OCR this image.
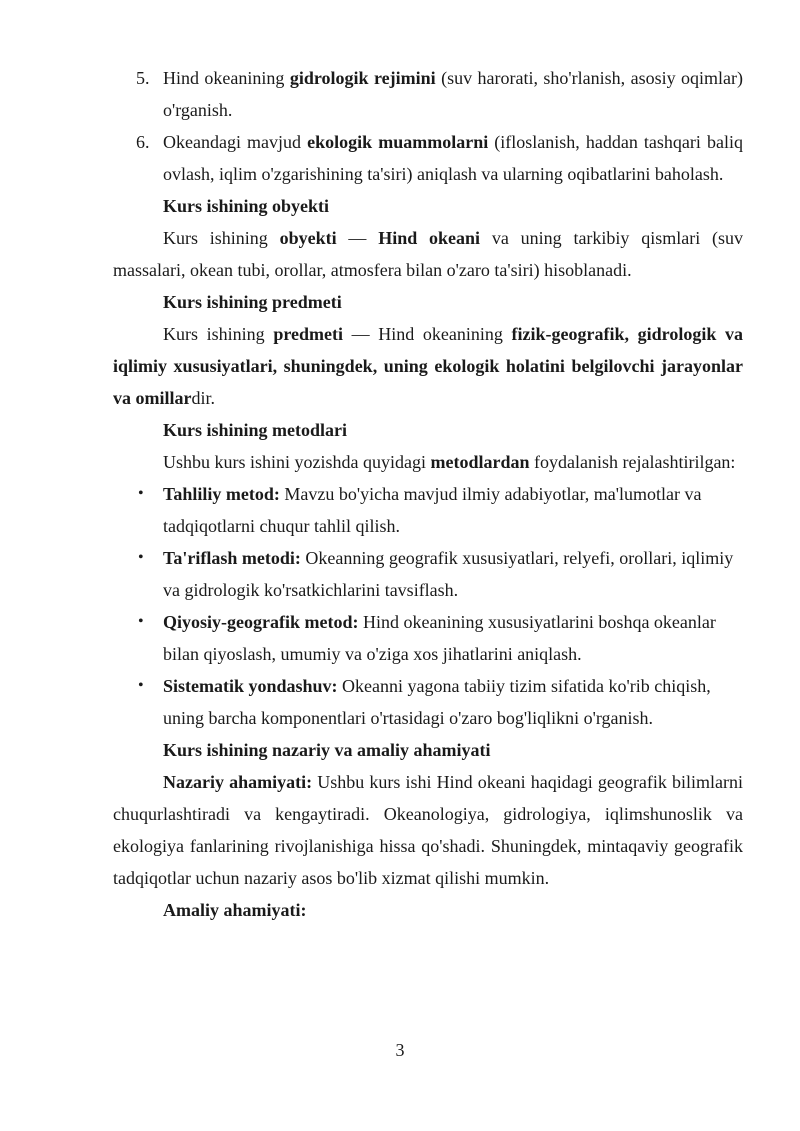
5. Hind okeanining gidrologik rejimini (suv harorati, sho'rlanish, asosiy oqimlar) o'rganish.

6. Okeandagi mavjud ekologik muammolarni (ifloslanish, haddan tashqari baliq ovlash, iqlim o'zgarishining ta'siri) aniqlash va ularning oqibatlarini baholash.

Kurs ishining obyekti

Kurs ishining obyekti — Hind okeani va uning tarkibiy qismlari (suv massalari, okean tubi, orollar, atmosfera bilan o'zaro ta'siri) hisoblanadi.

Kurs ishining predmeti

Kurs ishining predmeti — Hind okeanining fizik-geografik, gidrologik va iqlimiy xususiyatlari, shuningdek, uning ekologik holatini belgilovchi jarayonlar va omillardir.

Kurs ishining metodlari

Ushbu kurs ishini yozishda quyidagi metodlardan foydalanish rejalashtirilgan:

• Tahliliy metod: Mavzu bo'yicha mavjud ilmiy adabiyotlar, ma'lumotlar va tadqiqotlarni chuqur tahlil qilish.

• Ta'riflash metodi: Okeanning geografik xususiyatlari, relyefi, orollari, iqlimiy va gidrologik ko'rsatkichlarini tavsiflash.

• Qiyosiy-geografik metod: Hind okeanining xususiyatlarini boshqa okeanlar bilan qiyoslash, umumiy va o'ziga xos jihatlarini aniqlash.

• Sistematik yondashuv: Okeanni yagona tabiiy tizim sifatida ko'rib chiqish, uning barcha komponentlari o'rtasidagi o'zaro bog'liqlikni o'rganish.

Kurs ishining nazariy va amaliy ahamiyati

Nazariy ahamiyati: Ushbu kurs ishi Hind okeani haqidagi geografik bilimlarni chuqurlashtiradi va kengaytiradi. Okeanologiya, gidrologiya, iqlimshunoslik va ekologiya fanlarining rivojlanishiga hissa qo'shadi. Shuningdek, mintaqaviy geografik tadqiqotlar uchun nazariy asos bo'lib xizmat qilishi mumkin.

Amaliy ahamiyati:

3
